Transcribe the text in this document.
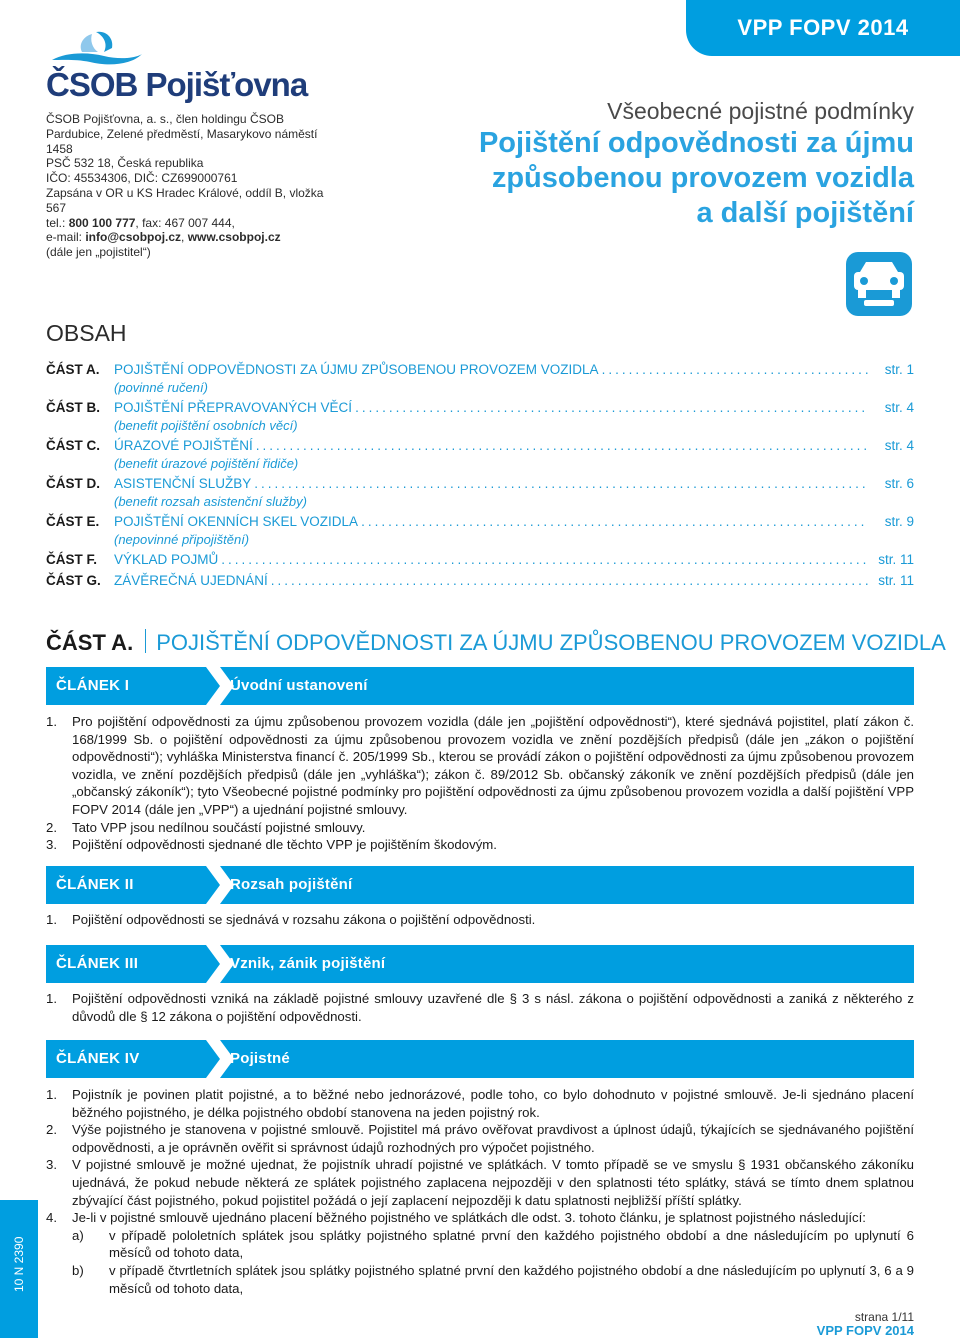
ČSOB Pojišťovna
ČSOB Pojišťovna, a. s., člen holdingu ČSOB
Pardubice, Zelené předměstí, Masarykovo náměstí 1458
PSČ 532 18, Česká republika
IČO: 45534306, DIČ: CZ699000761
Zapsána v OR u KS Hradec Králové, oddíl B, vložka 567
tel.: 800 100 777, fax: 467 007 444,
e-mail: info@csobpoj.cz, www.csobpoj.cz
(dále jen „pojistitel“)
VPP FOPV 2014
Všeobecné pojistné podmínky
Pojištění odpovědnosti za újmu
způsobenou provozem vozidla
a další pojištění
OBSAH
ČÁST A.	POJIŠTĚNÍ ODPOVĚDNOSTI ZA ÚJMU ZPŮSOBENOU PROVOZEM VOZIDLA .....	str. 1
(povinné ručení)
ČÁST B.	POJIŠTĚNÍ PŘEPRAVOVANÝCH VĚCÍ .....	str. 4
(benefit pojištění osobních věcí)
ČÁST C.	ÚRAZOVÉ POJIŠTĚNÍ .....	str. 4
(benefit úrazové pojištění řidiče)
ČÁST D.	ASISTENČNÍ SLUŽBY .....	str. 6
(benefit rozsah asistenční služby)
ČÁST E.	POJIŠTĚNÍ OKENNÍCH SKEL VOZIDLA .....	str. 9
(nepovinné připojištění)
ČÁST F.	VÝKLAD POJMŮ .....	str. 11
ČÁST G. ZÁVĚREČNÁ UJEDNÁNÍ .....	str. 11
ČÁST A. POJIŠTĚNÍ ODPOVĚDNOSTI ZA ÚJMU ZPŮSOBENOU PROVOZEM VOZIDLA
ČLÁNEK I	Úvodní ustanovení
1.	Pro pojištění odpovědnosti za újmu způsobenou provozem vozidla (dále jen „pojištění odpovědnosti“), které sjednává pojistitel, platí zákon č. 168/1999 Sb. o pojištění odpovědnosti za újmu způsobenou provozem vozidla ve znění pozdějších předpisů (dále jen „zákon o pojištění odpovědnosti“); vyhláška Ministerstva financí č. 205/1999 Sb., kterou se provádí zákon o pojištění odpovědnosti za újmu způsobenou provozem vozidla, ve znění pozdějších předpisů (dále jen „vyhláška“); zákon č. 89/2012 Sb. občanský zákoník ve znění pozdějších předpisů (dále jen „občanský zákoník“); tyto Všeobecné pojistné podmínky pro pojištění odpovědnosti za újmu způsobenou provozem vozidla a další pojištění VPP FOPV 2014 (dále jen „VPP“) a ujednání pojistné smlouvy.
2.	Tato VPP jsou nedílnou součástí pojistné smlouvy.
3.	Pojištění odpovědnosti sjednané dle těchto VPP je pojištěním škodovým.
ČLÁNEK II	Rozsah pojištění
1.	Pojištění odpovědnosti se sjednává v rozsahu zákona o pojištění odpovědnosti.
ČLÁNEK III	Vznik, zánik pojištění
1.	Pojištění odpovědnosti vzniká na základě pojistné smlouvy uzavřené dle § 3 s násl. zákona o pojištění odpovědnosti a zaniká z některého z důvodů dle § 12 zákona o pojištění odpovědnosti.
ČLÁNEK IV	Pojistné
1.	Pojistník je povinen platit pojistné, a to běžné nebo jednorázové, podle toho, co bylo dohodnuto v pojistné smlouvě. Je-li sjednáno placení běžného pojistného, je délka pojistného období stanovena na jeden pojistný rok.
2.	Výše pojistného je stanovena v pojistné smlouvě. Pojistitel má právo ověřovat pravdivost a úplnost údajů, týkajících se sjednávaného pojištění odpovědnosti, a je oprávněn ověřit si správnost údajů rozhodných pro výpočet pojistného.
3.	V pojistné smlouvě je možné ujednat, že pojistník uhradí pojistné ve splátkách. V tomto případě se ve smyslu § 1931 občanského zákoníku ujednává, že pokud nebude některá ze splátek pojistného zaplacena nejpozději v den splatnosti této splátky, stává se tímto dnem splatnou zbývající část pojistného, pokud pojistitel požádá o její zaplacení nejpozději k datu splatnosti nejbližší příští splátky.
4.	Je-li v pojistné smlouvě ujednáno placení běžného pojistného ve splátkách dle odst. 3. tohoto článku, je splatnost pojistného následující:
a)	v případě pololetních splátek jsou splátky pojistného splatné první den každého pojistného období a dne následujícím po uplynutí 6 měsíců od tohoto data,
b)	v případě čtvrtletních splátek jsou splátky pojistného splatné první den každého pojistného období a dne následujícím po uplynutí 3, 6 a 9 měsíců od tohoto data,
10 N 2390
strana 1/11
VPP FOPV 2014
